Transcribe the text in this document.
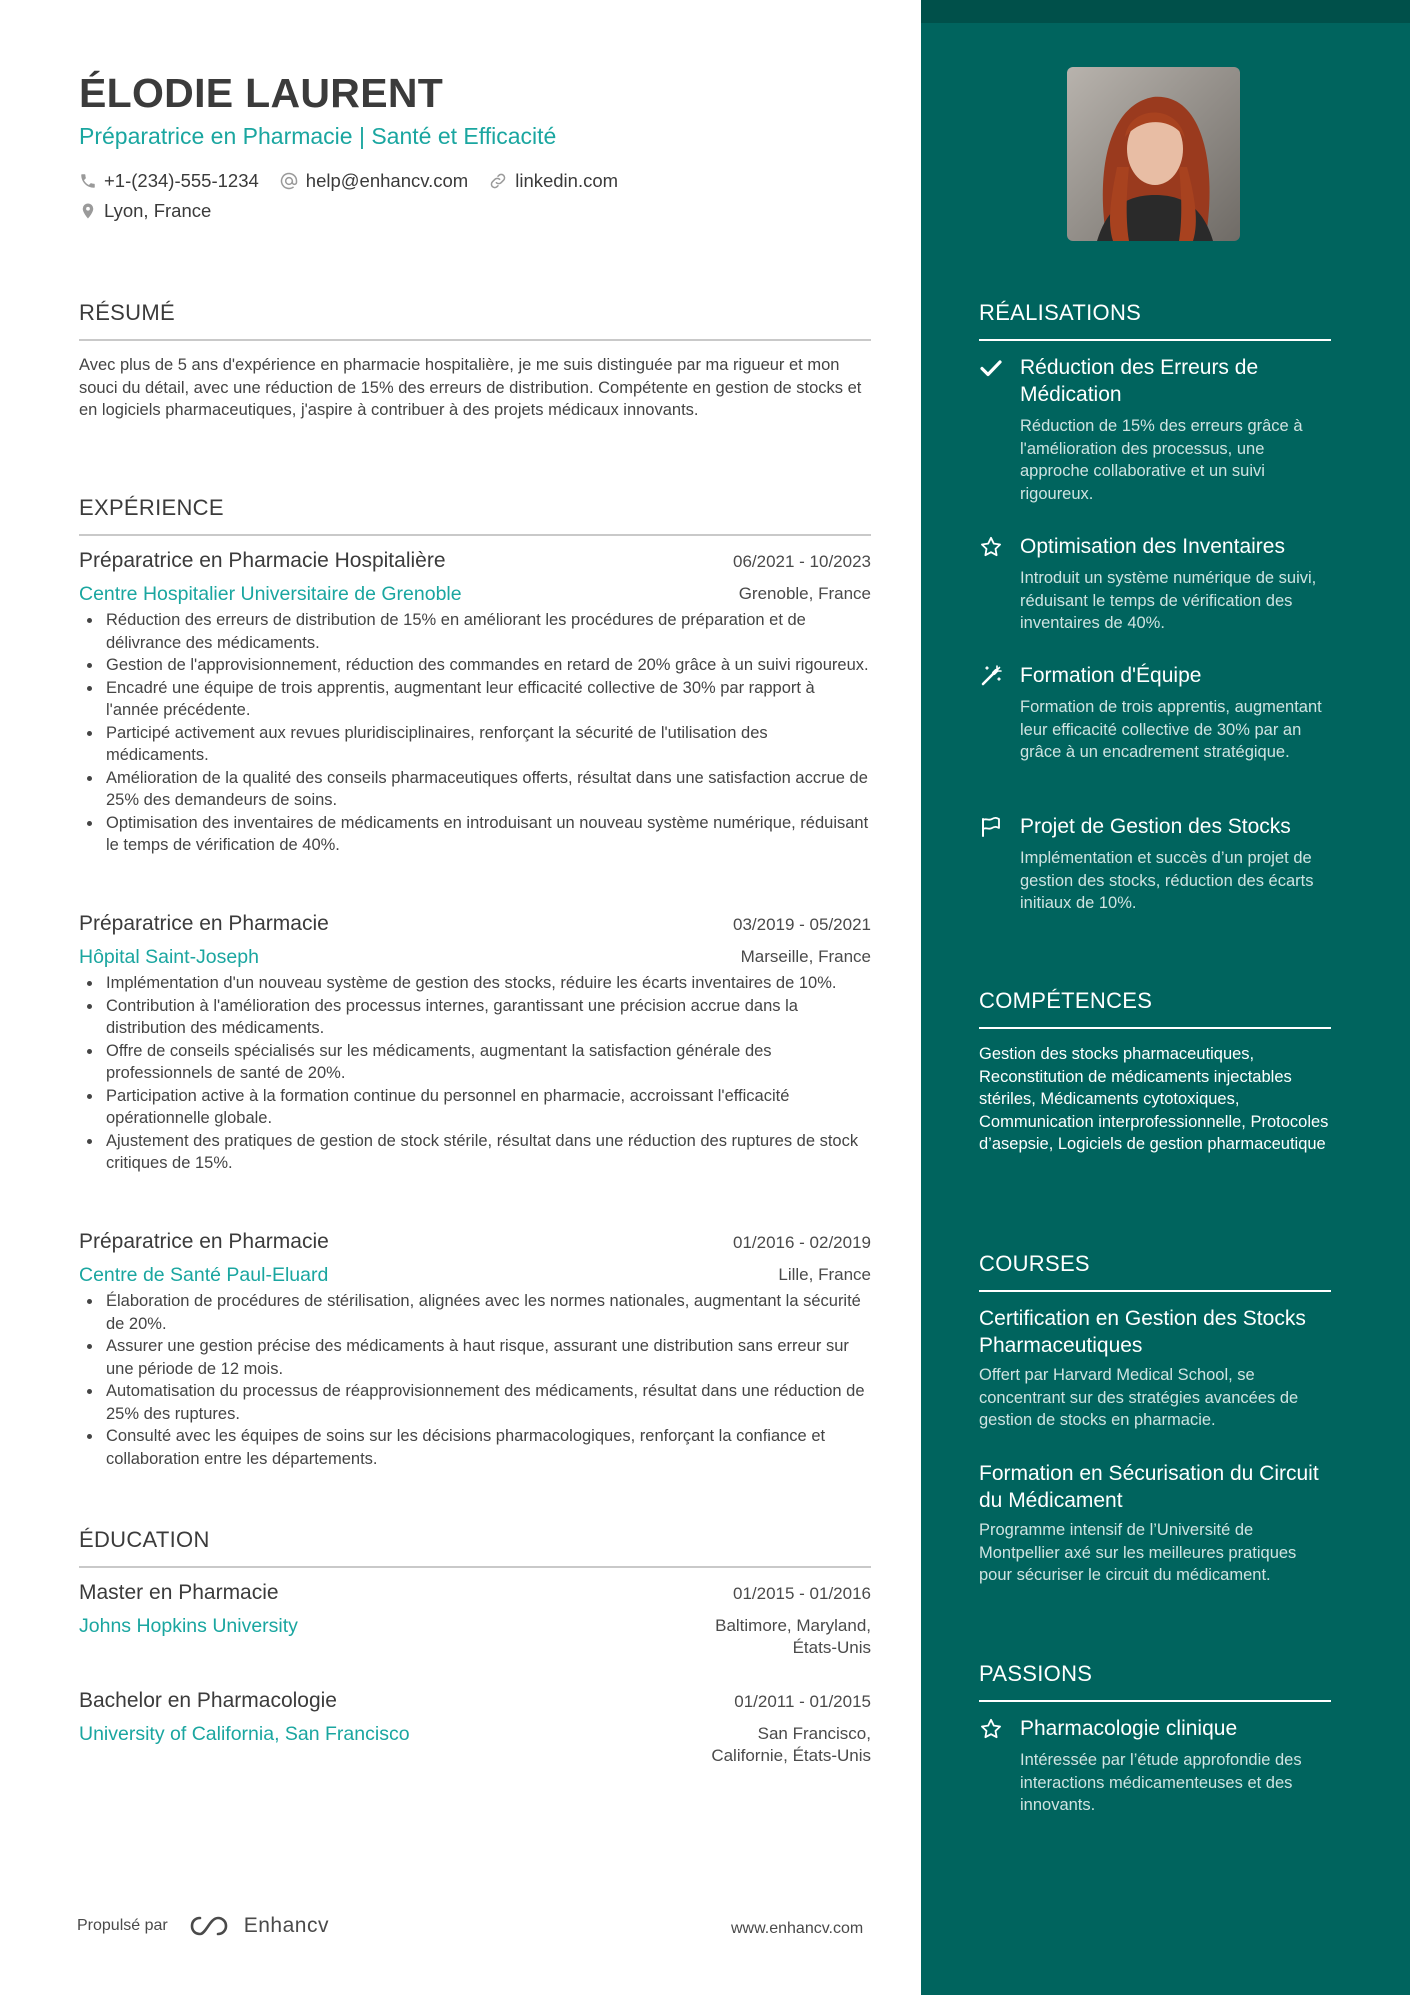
ÉLODIE LAURENT
Préparatrice en Pharmacie | Santé et Efficacité
+1-(234)-555-1234	help@enhancv.com	linkedin.com
Lyon, France
RÉSUMÉ
Avec plus de 5 ans d'expérience en pharmacie hospitalière, je me suis distinguée par ma rigueur et mon souci du détail, avec une réduction de 15% des erreurs de distribution. Compétente en gestion de stocks et en logiciels pharmaceutiques, j'aspire à contribuer à des projets médicaux innovants.
EXPÉRIENCE
Préparatrice en Pharmacie Hospitalière	06/2021 - 10/2023
Centre Hospitalier Universitaire de Grenoble	Grenoble, France
Réduction des erreurs de distribution de 15% en améliorant les procédures de préparation et de délivrance des médicaments.
Gestion de l'approvisionnement, réduction des commandes en retard de 20% grâce à un suivi rigoureux.
Encadré une équipe de trois apprentis, augmentant leur efficacité collective de 30% par rapport à l'année précédente.
Participé activement aux revues pluridisciplinaires, renforçant la sécurité de l'utilisation des médicaments.
Amélioration de la qualité des conseils pharmaceutiques offerts, résultat dans une satisfaction accrue de 25% des demandeurs de soins.
Optimisation des inventaires de médicaments en introduisant un nouveau système numérique, réduisant le temps de vérification de 40%.
Préparatrice en Pharmacie	03/2019 - 05/2021
Hôpital Saint-Joseph	Marseille, France
Implémentation d'un nouveau système de gestion des stocks, réduire les écarts inventaires de 10%.
Contribution à l'amélioration des processus internes, garantissant une précision accrue dans la distribution des médicaments.
Offre de conseils spécialisés sur les médicaments, augmentant la satisfaction générale des professionnels de santé de 20%.
Participation active à la formation continue du personnel en pharmacie, accroissant l'efficacité opérationnelle globale.
Ajustement des pratiques de gestion de stock stérile, résultat dans une réduction des ruptures de stock critiques de 15%.
Préparatrice en Pharmacie	01/2016 - 02/2019
Centre de Santé Paul-Eluard	Lille, France
Élaboration de procédures de stérilisation, alignées avec les normes nationales, augmentant la sécurité de 20%.
Assurer une gestion précise des médicaments à haut risque, assurant une distribution sans erreur sur une période de 12 mois.
Automatisation du processus de réapprovisionnement des médicaments, résultat dans une réduction de 25% des ruptures.
Consulté avec les équipes de soins sur les décisions pharmacologiques, renforçant la confiance et collaboration entre les départements.
ÉDUCATION
Master en Pharmacie	01/2015 - 01/2016
Johns Hopkins University	Baltimore, Maryland,
États-Unis
Bachelor en Pharmacologie	01/2011 - 01/2015
University of California, San Francisco	San Francisco,
Californie, États-Unis
Propulsé par	Enhancv	www.enhancv.com
RÉALISATIONS
Réduction des Erreurs de Médication
Réduction de 15% des erreurs grâce à l'amélioration des processus, une approche collaborative et un suivi rigoureux.
Optimisation des Inventaires
Introduit un système numérique de suivi, réduisant le temps de vérification des inventaires de 40%.
Formation d'Équipe
Formation de trois apprentis, augmentant leur efficacité collective de 30% par an grâce à un encadrement stratégique.
Projet de Gestion des Stocks
Implémentation et succès d’un projet de gestion des stocks, réduction des écarts initiaux de 10%.
COMPÉTENCES
Gestion des stocks pharmaceutiques, Reconstitution de médicaments injectables stériles, Médicaments cytotoxiques, Communication interprofessionnelle, Protocoles d’asepsie, Logiciels de gestion pharmaceutique
COURSES
Certification en Gestion des Stocks Pharmaceutiques
Offert par Harvard Medical School, se concentrant sur des stratégies avancées de gestion de stocks en pharmacie.
Formation en Sécurisation du Circuit du Médicament
Programme intensif de l’Université de Montpellier axé sur les meilleures pratiques pour sécuriser le circuit du médicament.
PASSIONS
Pharmacologie clinique
Intéressée par l’étude approfondie des interactions médicamenteuses et des innovants.
